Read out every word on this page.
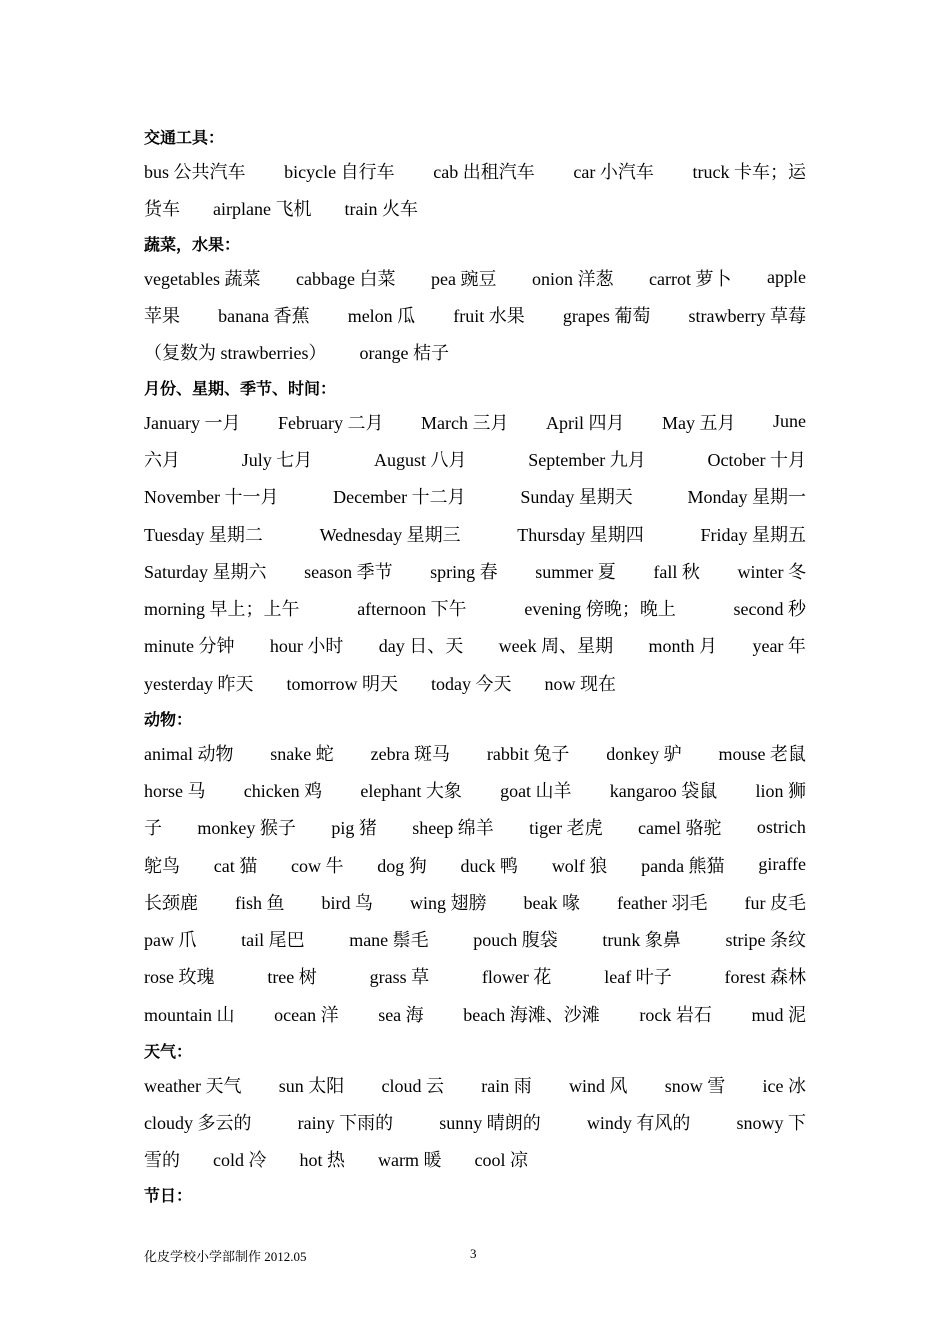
交通工具：
bus 公共汽车 bicycle 自行车 cab 出租汽车 car 小汽车 truck 卡车；运
货车 airplane 飞机 train 火车
蔬菜，水果：
vegetables 蔬菜 cabbage 白菜 pea 豌豆 onion 洋葱 carrot 萝卜 apple
苹果 banana 香蕉 melon 瓜 fruit 水果 grapes 葡萄 strawberry 草莓
（复数为 strawberries） orange 桔子
月份、星期、季节、时间：
January 一月 February 二月 March 三月 April 四月 May 五月 June
六月	July 七月	August 八月	September 九月	October 十月
November 十一月	December 十二月	Sunday 星期天	Monday 星期一
Tuesday 星期二	Wednesday 星期三	Thursday 星期四	Friday 星期五
Saturday 星期六 season 季节 spring 春 summer 夏 fall 秋 winter 冬
morning 早上；上午	afternoon 下午	evening 傍晚；晚上	second 秒
minute 分钟 hour 小时 day 日、天 week 周、星期 month 月 year 年
yesterday 昨天 tomorrow 明天 today 今天 now 现在
动物：
animal 动物 snake 蛇 zebra 斑马 rabbit 兔子 donkey 驴 mouse 老鼠
horse 马 chicken 鸡 elephant 大象 goat 山羊 kangaroo 袋鼠 lion 狮
子 monkey 猴子 pig 猪 sheep 绵羊 tiger 老虎 camel 骆驼 ostrich
鸵鸟 cat 猫 cow 牛 dog 狗 duck 鸭 wolf 狼 panda 熊猫 giraffe
长颈鹿 fish 鱼 bird 鸟 wing 翅膀 beak 喙 feather 羽毛 fur 皮毛
paw 爪 tail 尾巴 mane 鬃毛 pouch 腹袋 trunk 象鼻 stripe 条纹
rose 玫瑰	tree 树	grass 草	flower 花	leaf 叶子	forest 森林
mountain 山 ocean 洋 sea 海 beach 海滩、沙滩 rock 岩石 mud 泥
天气：
weather 天气 sun 太阳 cloud 云 rain 雨 wind 风 snow 雪 ice 冰
cloudy 多云的	rainy 下雨的	sunny 晴朗的	windy 有风的	snowy 下
雪的 cold 冷 hot 热 warm 暖 cool 凉
节日：
化皮学校小学部制作 2012.05	3
